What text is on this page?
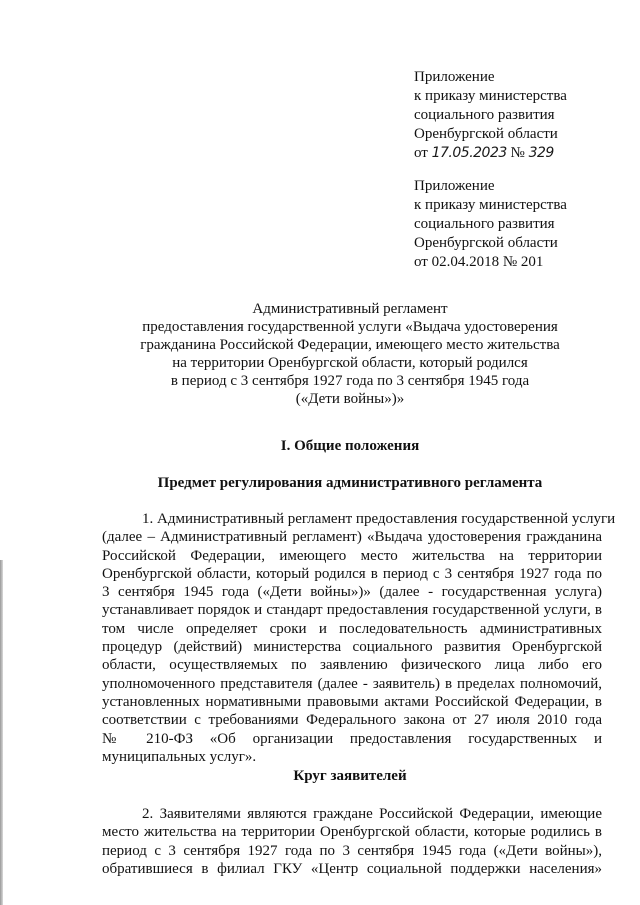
Приложение
к приказу министерства
социального развития
Оренбургской области
от 17.05.2023 № 329
Приложение
к приказу министерства
социального развития
Оренбургской области
от 02.04.2018 № 201
Административный регламент
предоставления государственной услуги «Выдача удостоверения
гражданина Российской Федерации, имеющего место жительства
на территории Оренбургской области, который родился
в период с 3 сентября 1927 года по 3 сентября 1945 года
(«Дети войны»)»
I. Общие положения
Предмет регулирования административного регламента
1. Административный регламент предоставления государственной услуги
(далее – Административный регламент) «Выдача удостоверения гражданина
Российской Федерации, имеющего место жительства на территории
Оренбургской области, который родился в период с 3 сентября 1927 года по
3 сентября 1945 года («Дети войны»)» (далее - государственная услуга)
устанавливает порядок и стандарт предоставления государственной услуги, в
том числе определяет сроки и последовательность административных
процедур (действий) министерства социального развития Оренбургской
области, осуществляемых по заявлению физического лица либо его
уполномоченного представителя (далее - заявитель) в пределах полномочий,
установленных нормативными правовыми актами Российской Федерации, в
соответствии с требованиями Федерального закона от 27 июля 2010 года
№ 210-ФЗ «Об организации предоставления государственных и
муниципальных услуг».
Круг заявителей
2. Заявителями являются граждане Российской Федерации, имеющие
место жительства на территории Оренбургской области, которые родились в
период с 3 сентября 1927 года по 3 сентября 1945 года («Дети войны»),
обратившиеся в филиал ГКУ «Центр социальной поддержки населения»
